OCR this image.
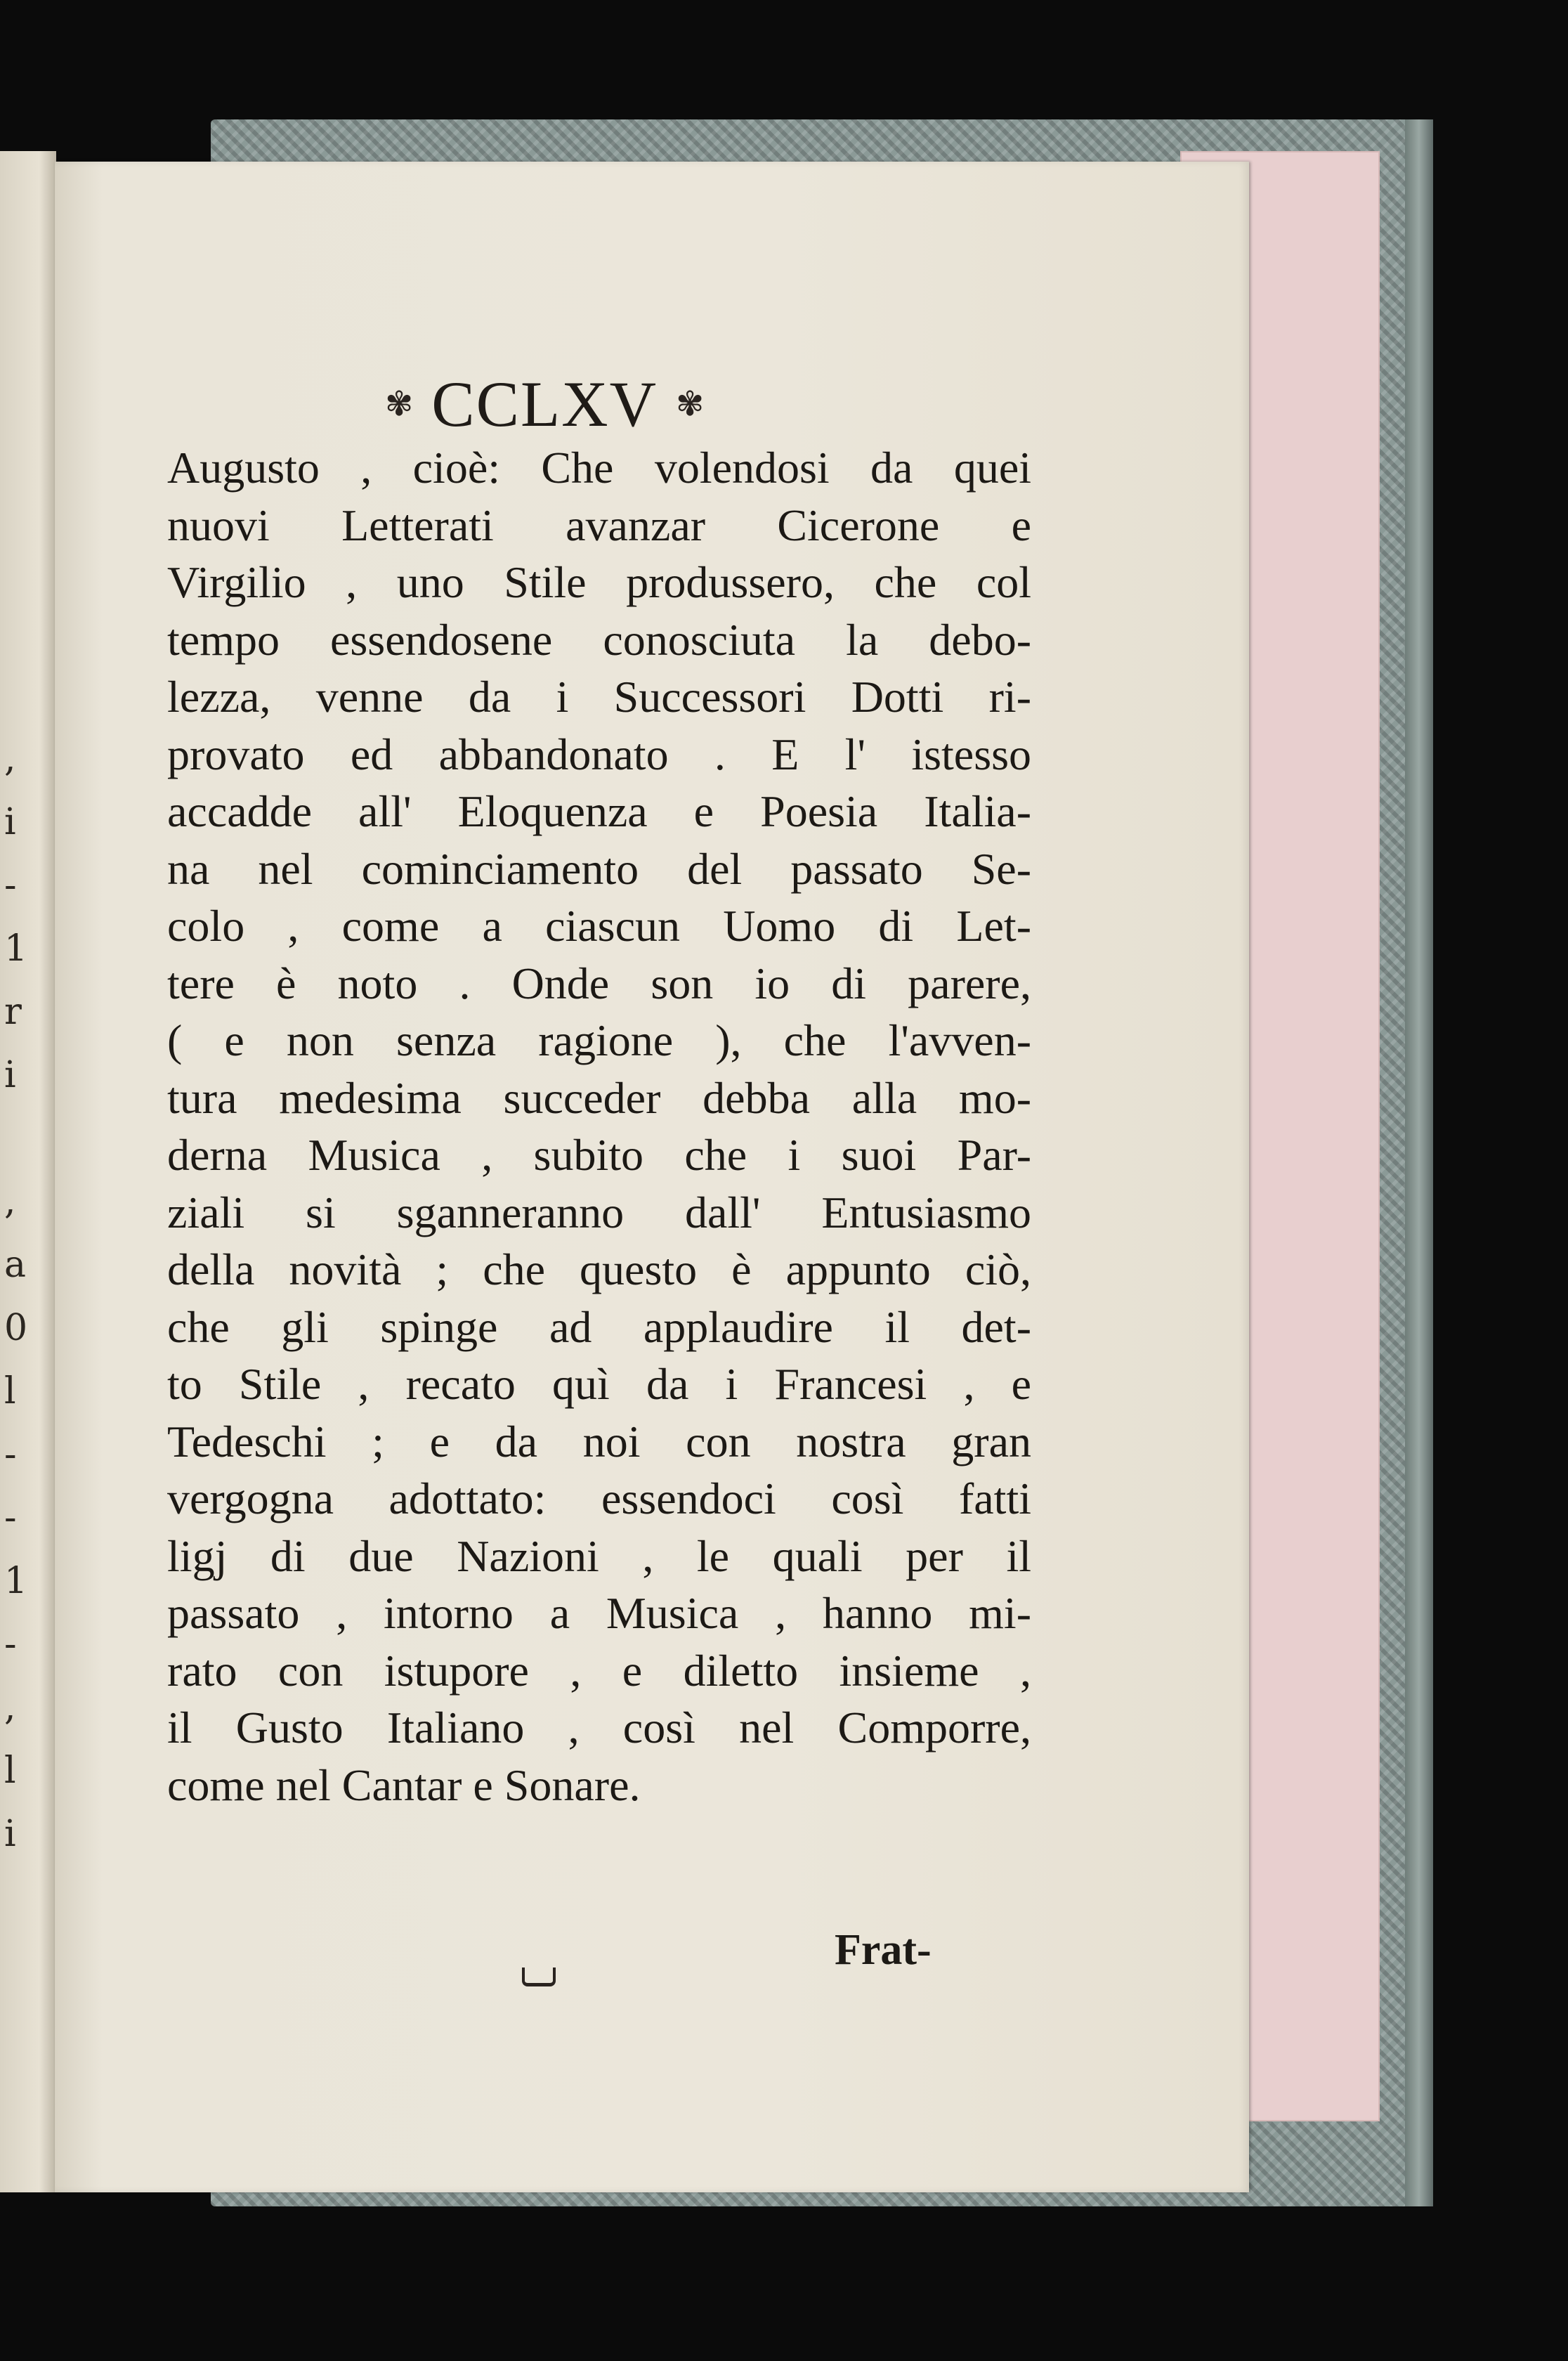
,
i
-
1
r
i

,
a
0
l
-
-
1
-
,
l
i
✾ CCLXV ✾
Augusto , cioè: Che volendosi da quei
nuovi Letterati avanzar Cicerone e
Virgilio , uno Stile produssero, che col
tempo essendosene conosciuta la debo-
lezza, venne da i Successori Dotti ri-
provato ed abbandonato . E l' istesso
accadde all' Eloquenza e Poesia Italia-
na nel cominciamento del passato Se-
colo , come a ciascun Uomo di Let-
tere è noto . Onde son io di parere,
( e non senza ragione ), che l'avven-
tura medesima succeder debba alla mo-
derna Musica , subito che i suoi Par-
ziali si sganneranno dall' Entusiasmo
della novità ; che questo è appunto ciò,
che gli spinge ad applaudire il det-
to Stile , recato quì da i Francesi , e
Tedeschi ; e da noi con nostra gran
vergogna adottato: essendoci così fatti
ligj di due Nazioni , le quali per il
passato , intorno a Musica , hanno mi-
rato con istupore , e diletto insieme ,
il Gusto Italiano , così nel Comporre,
come nel Cantar e Sonare.
Frat-
